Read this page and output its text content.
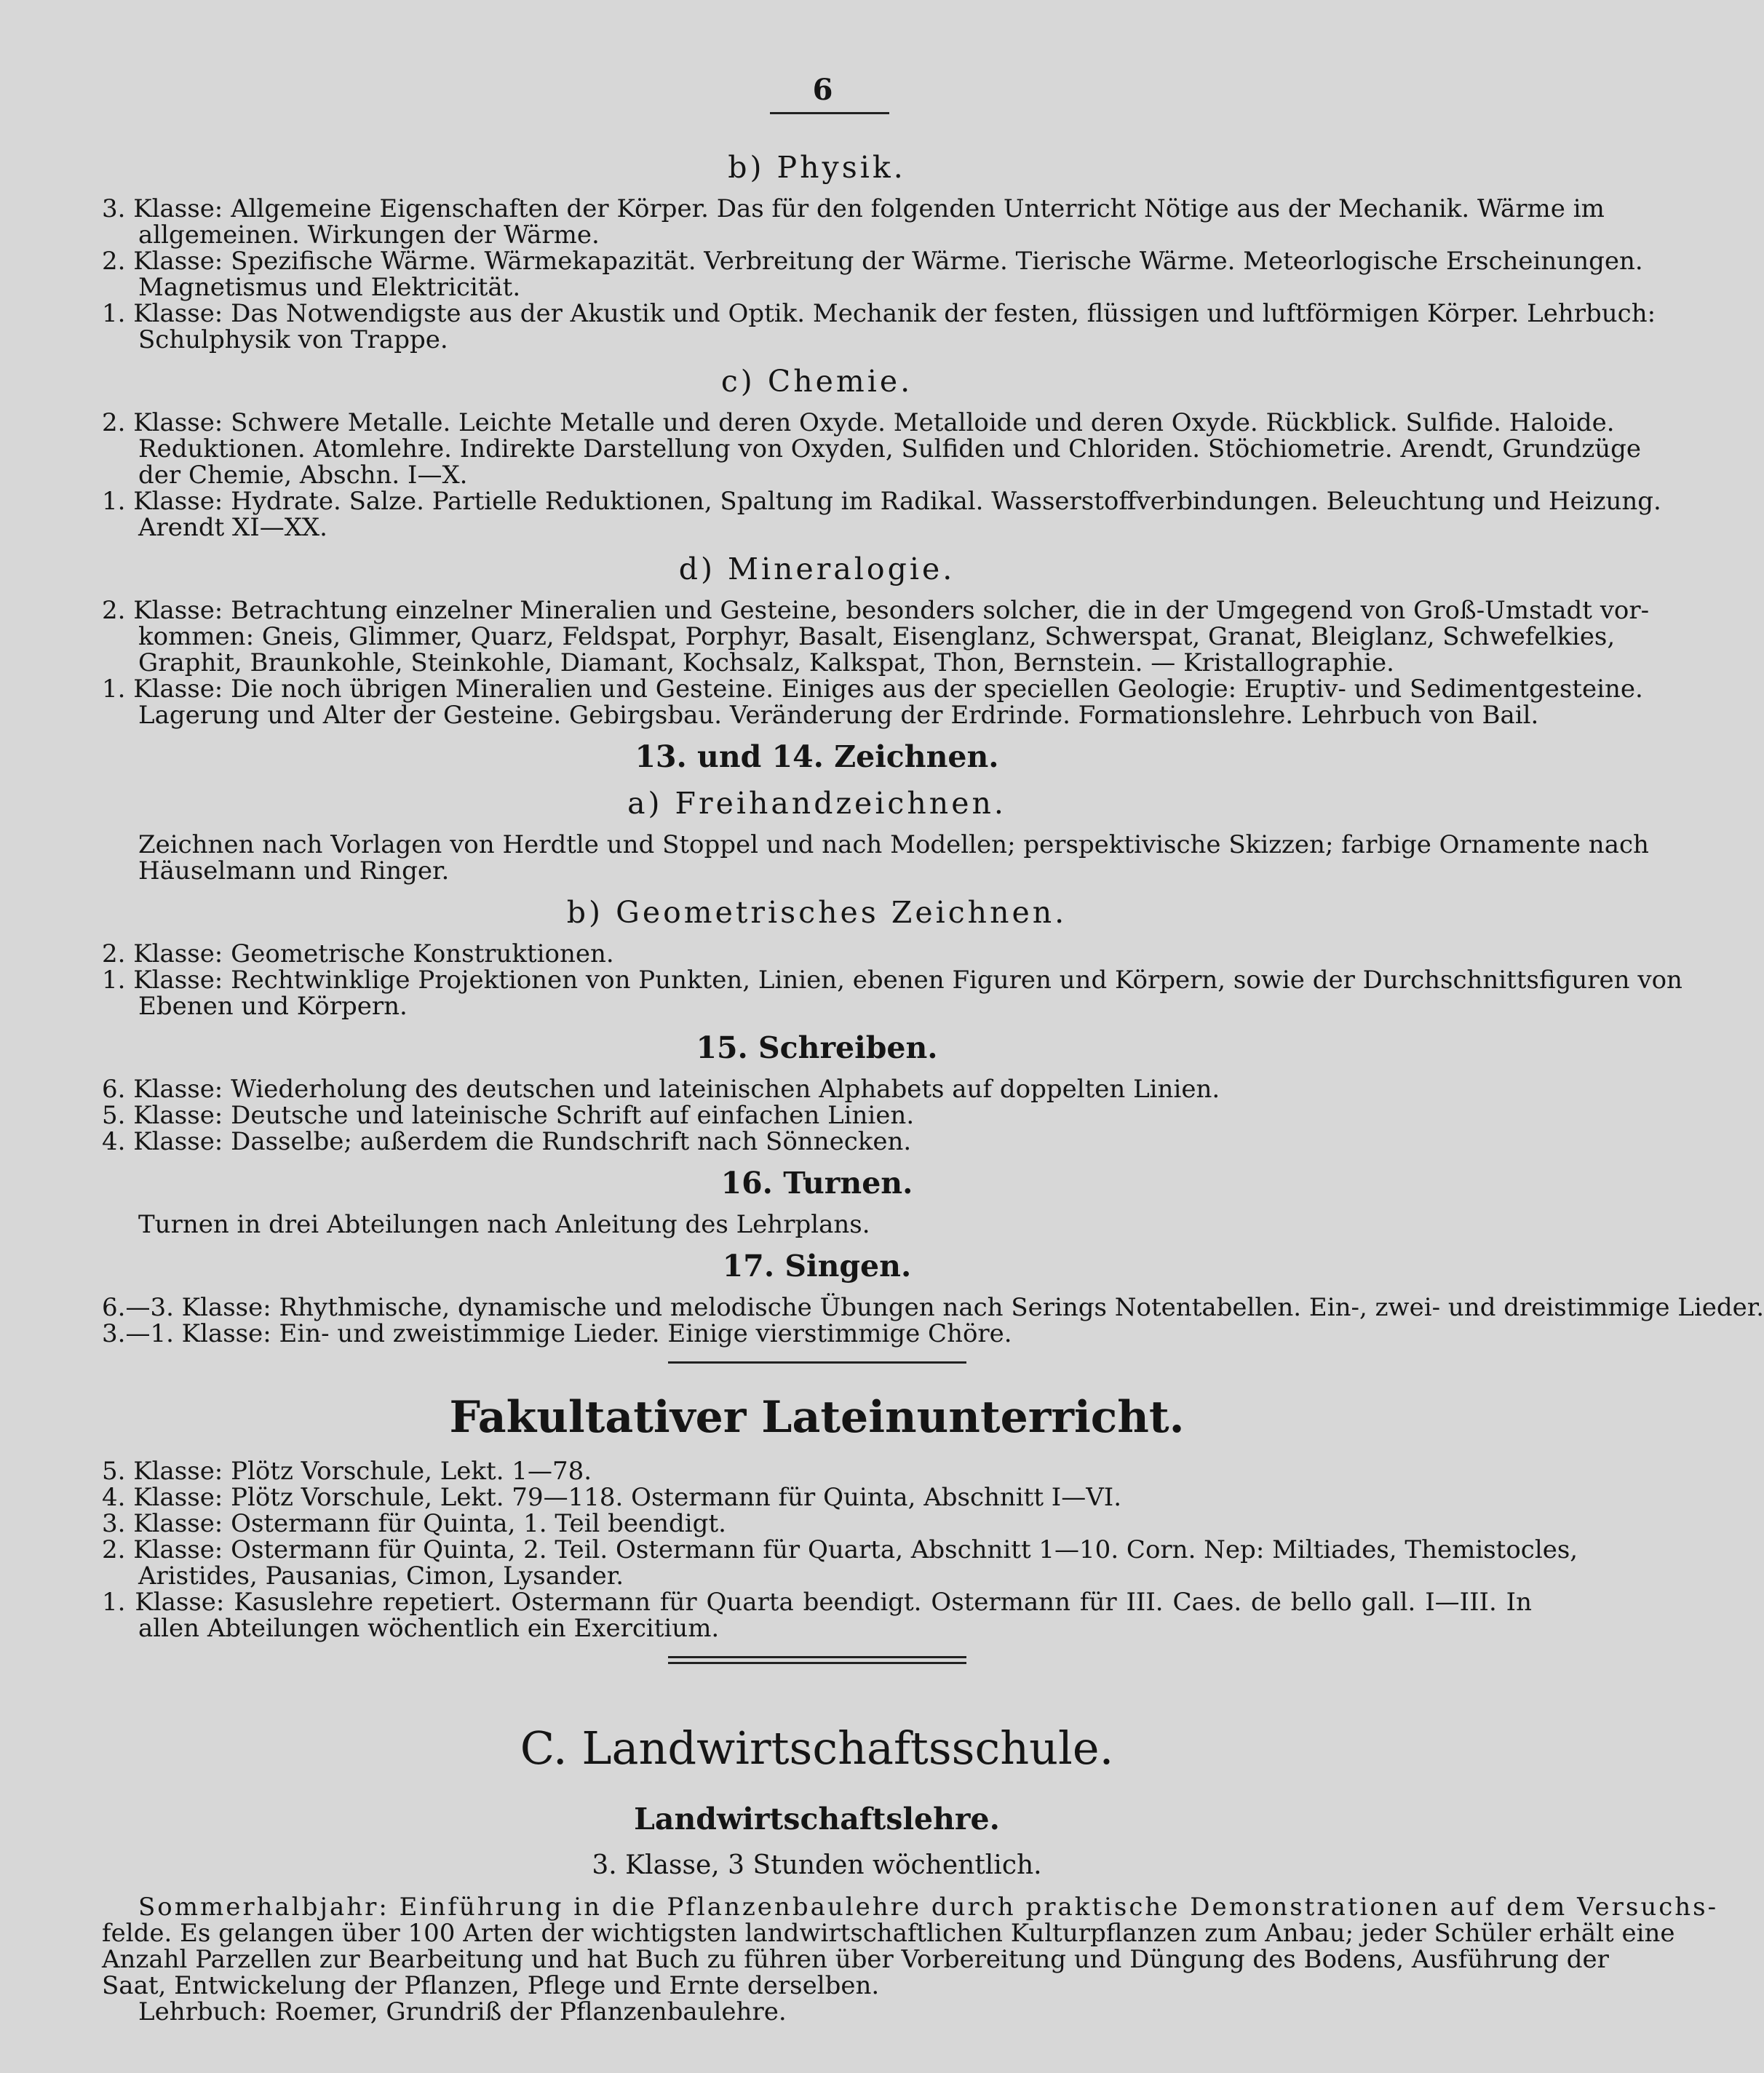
6
b) Physik.
3. Klasse: Allgemeine Eigenschaften der Körper. Das für den folgenden Unterricht Nötige aus der Mechanik. Wärme im
allgemeinen. Wirkungen der Wärme.
2. Klasse: Spezifische Wärme. Wärmekapazität. Verbreitung der Wärme. Tierische Wärme. Meteorlogische Erscheinungen.
Magnetismus und Elektricität.
1. Klasse: Das Notwendigste aus der Akustik und Optik. Mechanik der festen, flüssigen und luftförmigen Körper. Lehrbuch:
Schulphysik von Trappe.
c) Chemie.
2. Klasse: Schwere Metalle. Leichte Metalle und deren Oxyde. Metalloide und deren Oxyde. Rückblick. Sulfide. Haloide.
Reduktionen. Atomlehre. Indirekte Darstellung von Oxyden, Sulfiden und Chloriden. Stöchiometrie. Arendt, Grundzüge
der Chemie, Abschn. I—X.
1. Klasse: Hydrate. Salze. Partielle Reduktionen, Spaltung im Radikal. Wasserstoffverbindungen. Beleuchtung und Heizung.
Arendt XI—XX.
d) Mineralogie.
2. Klasse: Betrachtung einzelner Mineralien und Gesteine, besonders solcher, die in der Umgegend von Groß-Umstadt vor-
kommen: Gneis, Glimmer, Quarz, Feldspat, Porphyr, Basalt, Eisenglanz, Schwerspat, Granat, Bleiglanz, Schwefelkies,
Graphit, Braunkohle, Steinkohle, Diamant, Kochsalz, Kalkspat, Thon, Bernstein. — Kristallographie.
1. Klasse: Die noch übrigen Mineralien und Gesteine. Einiges aus der speciellen Geologie: Eruptiv- und Sedimentgesteine.
Lagerung und Alter der Gesteine. Gebirgsbau. Veränderung der Erdrinde. Formationslehre. Lehrbuch von Bail.
13. und 14. Zeichnen.
a) Freihandzeichnen.
Zeichnen nach Vorlagen von Herdtle und Stoppel und nach Modellen; perspektivische Skizzen; farbige Ornamente nach
Häuselmann und Ringer.
b) Geometrisches Zeichnen.
2. Klasse: Geometrische Konstruktionen.
1. Klasse: Rechtwinklige Projektionen von Punkten, Linien, ebenen Figuren und Körpern, sowie der Durchschnittsfiguren von
Ebenen und Körpern.
15. Schreiben.
6. Klasse: Wiederholung des deutschen und lateinischen Alphabets auf doppelten Linien.
5. Klasse: Deutsche und lateinische Schrift auf einfachen Linien.
4. Klasse: Dasselbe; außerdem die Rundschrift nach Sönnecken.
16. Turnen.
Turnen in drei Abteilungen nach Anleitung des Lehrplans.
17. Singen.
6.—3. Klasse: Rhythmische, dynamische und melodische Übungen nach Serings Notentabellen. Ein-, zwei- und dreistimmige Lieder.
3.—1. Klasse: Ein- und zweistimmige Lieder. Einige vierstimmige Chöre.
Fakultativer Lateinunterricht.
5. Klasse: Plötz Vorschule, Lekt. 1—78.
4. Klasse: Plötz Vorschule, Lekt. 79—118. Ostermann für Quinta, Abschnitt I—VI.
3. Klasse: Ostermann für Quinta, 1. Teil beendigt.
2. Klasse: Ostermann für Quinta, 2. Teil. Ostermann für Quarta, Abschnitt 1—10. Corn. Nep: Miltiades, Themistocles,
Aristides, Pausanias, Cimon, Lysander.
1. Klasse: Kasuslehre repetiert. Ostermann für Quarta beendigt. Ostermann für III. Caes. de bello gall. I—III. In
allen Abteilungen wöchentlich ein Exercitium.
C. Landwirtschaftsschule.
Landwirtschaftslehre.
3. Klasse, 3 Stunden wöchentlich.
Sommerhalbjahr: Einführung in die Pflanzenbaulehre durch praktische Demonstrationen auf dem Versuchs-
felde. Es gelangen über 100 Arten der wichtigsten landwirtschaftlichen Kulturpflanzen zum Anbau; jeder Schüler erhält eine
Anzahl Parzellen zur Bearbeitung und hat Buch zu führen über Vorbereitung und Düngung des Bodens, Ausführung der
Saat, Entwickelung der Pflanzen, Pflege und Ernte derselben.
Lehrbuch: Roemer, Grundriß der Pflanzenbaulehre.
